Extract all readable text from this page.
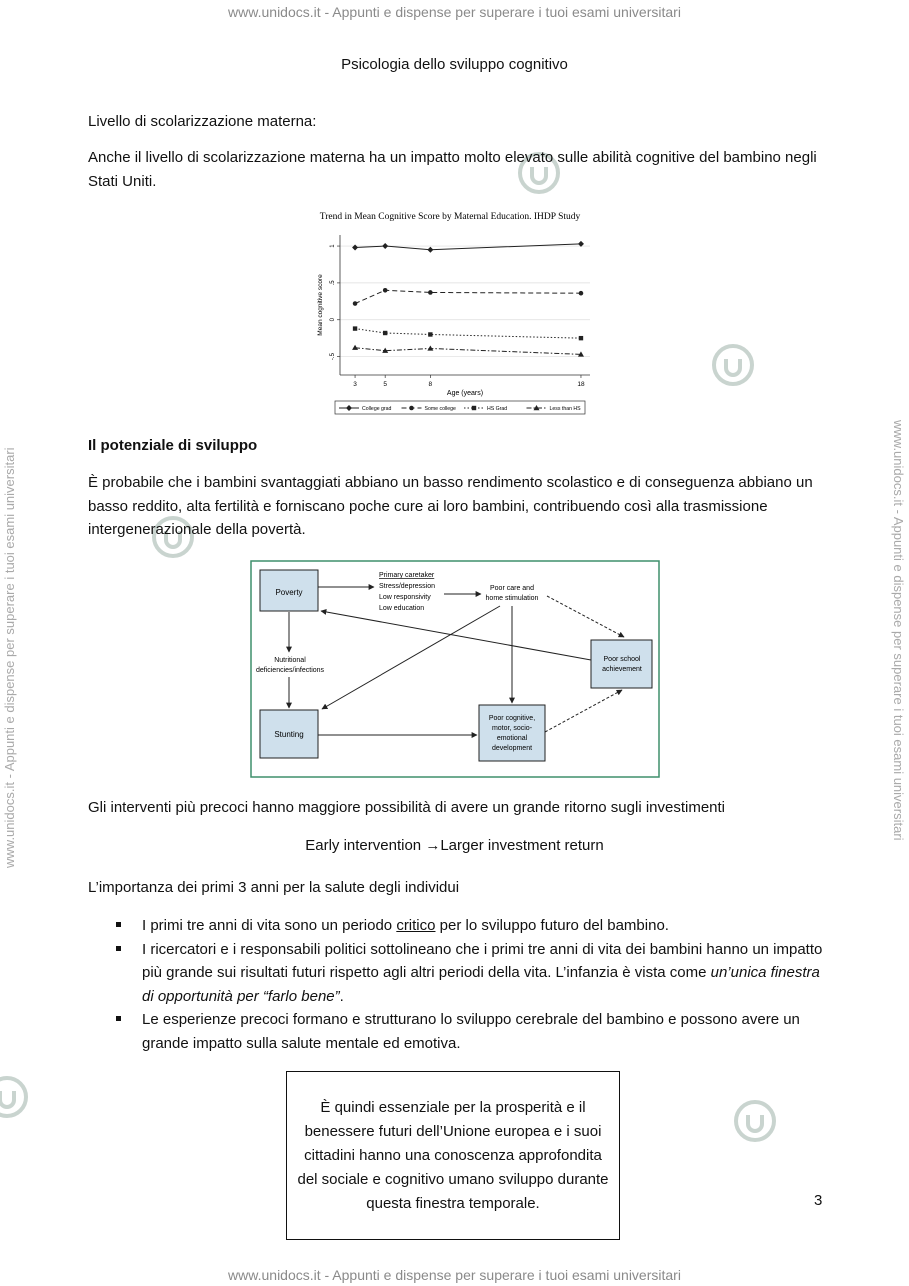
www.unidocs.it - Appunti e dispense per superare i tuoi esami universitari
www.unidocs.it - Appunti e dispense per superare i tuoi esami universitari
www.unidocs.it - Appunti e dispense per superare i tuoi esami universitari	www.unidocs.it - Appunti e dispense per superare i tuoi esami universitari
Psicologia dello sviluppo cognitivo
Livello di scolarizzazione materna:
Anche il livello di scolarizzazione materna ha un impatto molto elevato sulle abilità cognitive del bambino negli Stati Uniti.
Trend in Mean Cognitive Score by Maternal Education. IHDP Study
-.5
0
.5
1
3	5	8	18
Age (years)
Mean cognitive score
College grad	Some college	HS Grad	Less than HS
Il potenziale di sviluppo
È probabile che i bambini svantaggiati abbiano un basso rendimento scolastico e di conseguenza abbiano un basso reddito, alta fertilità e forniscano poche cure ai loro bambini, contribuendo così alla trasmissione intergenerazionale della povertà.
Poverty
Primary caretaker
Stress/depression
Low responsivity
Low education
Poor care and
home stimulation
Nutritional
deficiencies/infections
Poor school
achievement
Stunting
Poor cognitive,
motor, socio-
emotional
development
Gli interventi più precoci hanno maggiore possibilità di avere un grande ritorno sugli investimenti
Early intervention →Larger investment return
L’importanza dei primi 3 anni per la salute degli individui
I primi tre anni di vita sono un periodo critico per lo sviluppo futuro del bambino.
I ricercatori e i responsabili politici sottolineano che i primi tre anni di vita dei bambini hanno un impatto più grande sui risultati futuri rispetto agli altri periodi della vita. L’infanzia è vista come un’unica finestra di opportunità per “farlo bene”.
Le esperienze precoci formano e strutturano lo sviluppo cerebrale del bambino e possono avere un grande impatto sulla salute mentale ed emotiva.
È quindi essenziale per la prosperità e il benessere futuri dell’Unione europea e i suoi cittadini hanno una conoscenza approfondita del sociale e cognitivo umano sviluppo durante questa finestra temporale.	3
